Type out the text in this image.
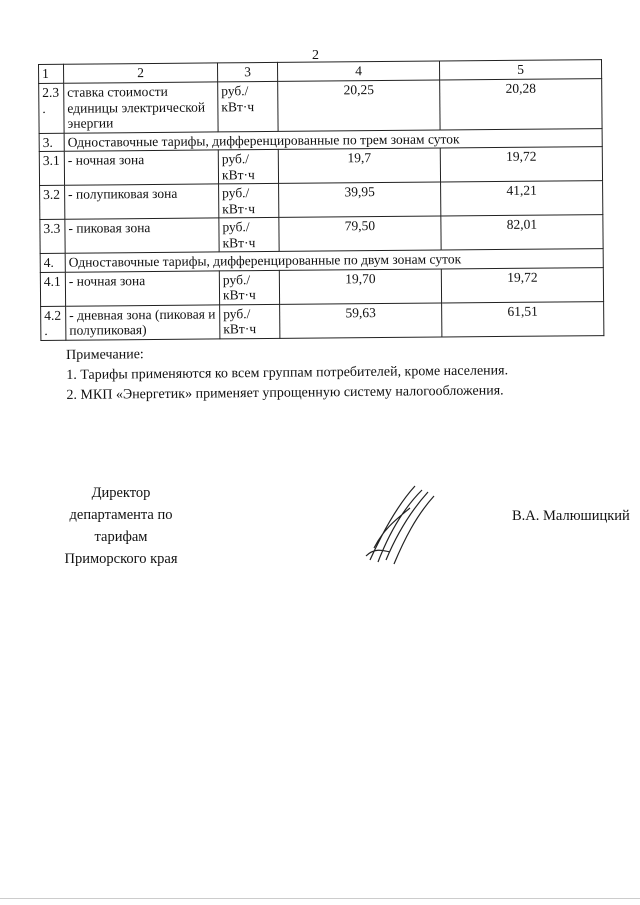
2
1	2	3	4	5
2.3 .	ставка стоимости единицы электрической энергии	руб./кВт·ч	20,25	20,28
3.	Одноставочные тарифы, дифференцированные по трем зонам суток			
3.1	- ночная зона	руб./кВт·ч	19,7	19,72
3.2	- полупиковая зона	руб./кВт·ч	39,95	41,21
3.3	- пиковая зона	руб./кВт·ч	79,50	82,01
4.	Одноставочные тарифы, дифференцированные по двум зонам суток			
4.1	- ночная зона	руб./кВт·ч	19,70	19,72
4.2 .	- дневная зона (пиковая и полупиковая)	руб./кВт·ч	59,63	61,51
Примечание:
1. Тарифы применяются ко всем группам потребителей, кроме населения.
2. МКП «Энергетик» применяет упрощенную систему налогообложения.
Директор
департамента по тарифам
Приморского края
В.А. Малюшицкий
